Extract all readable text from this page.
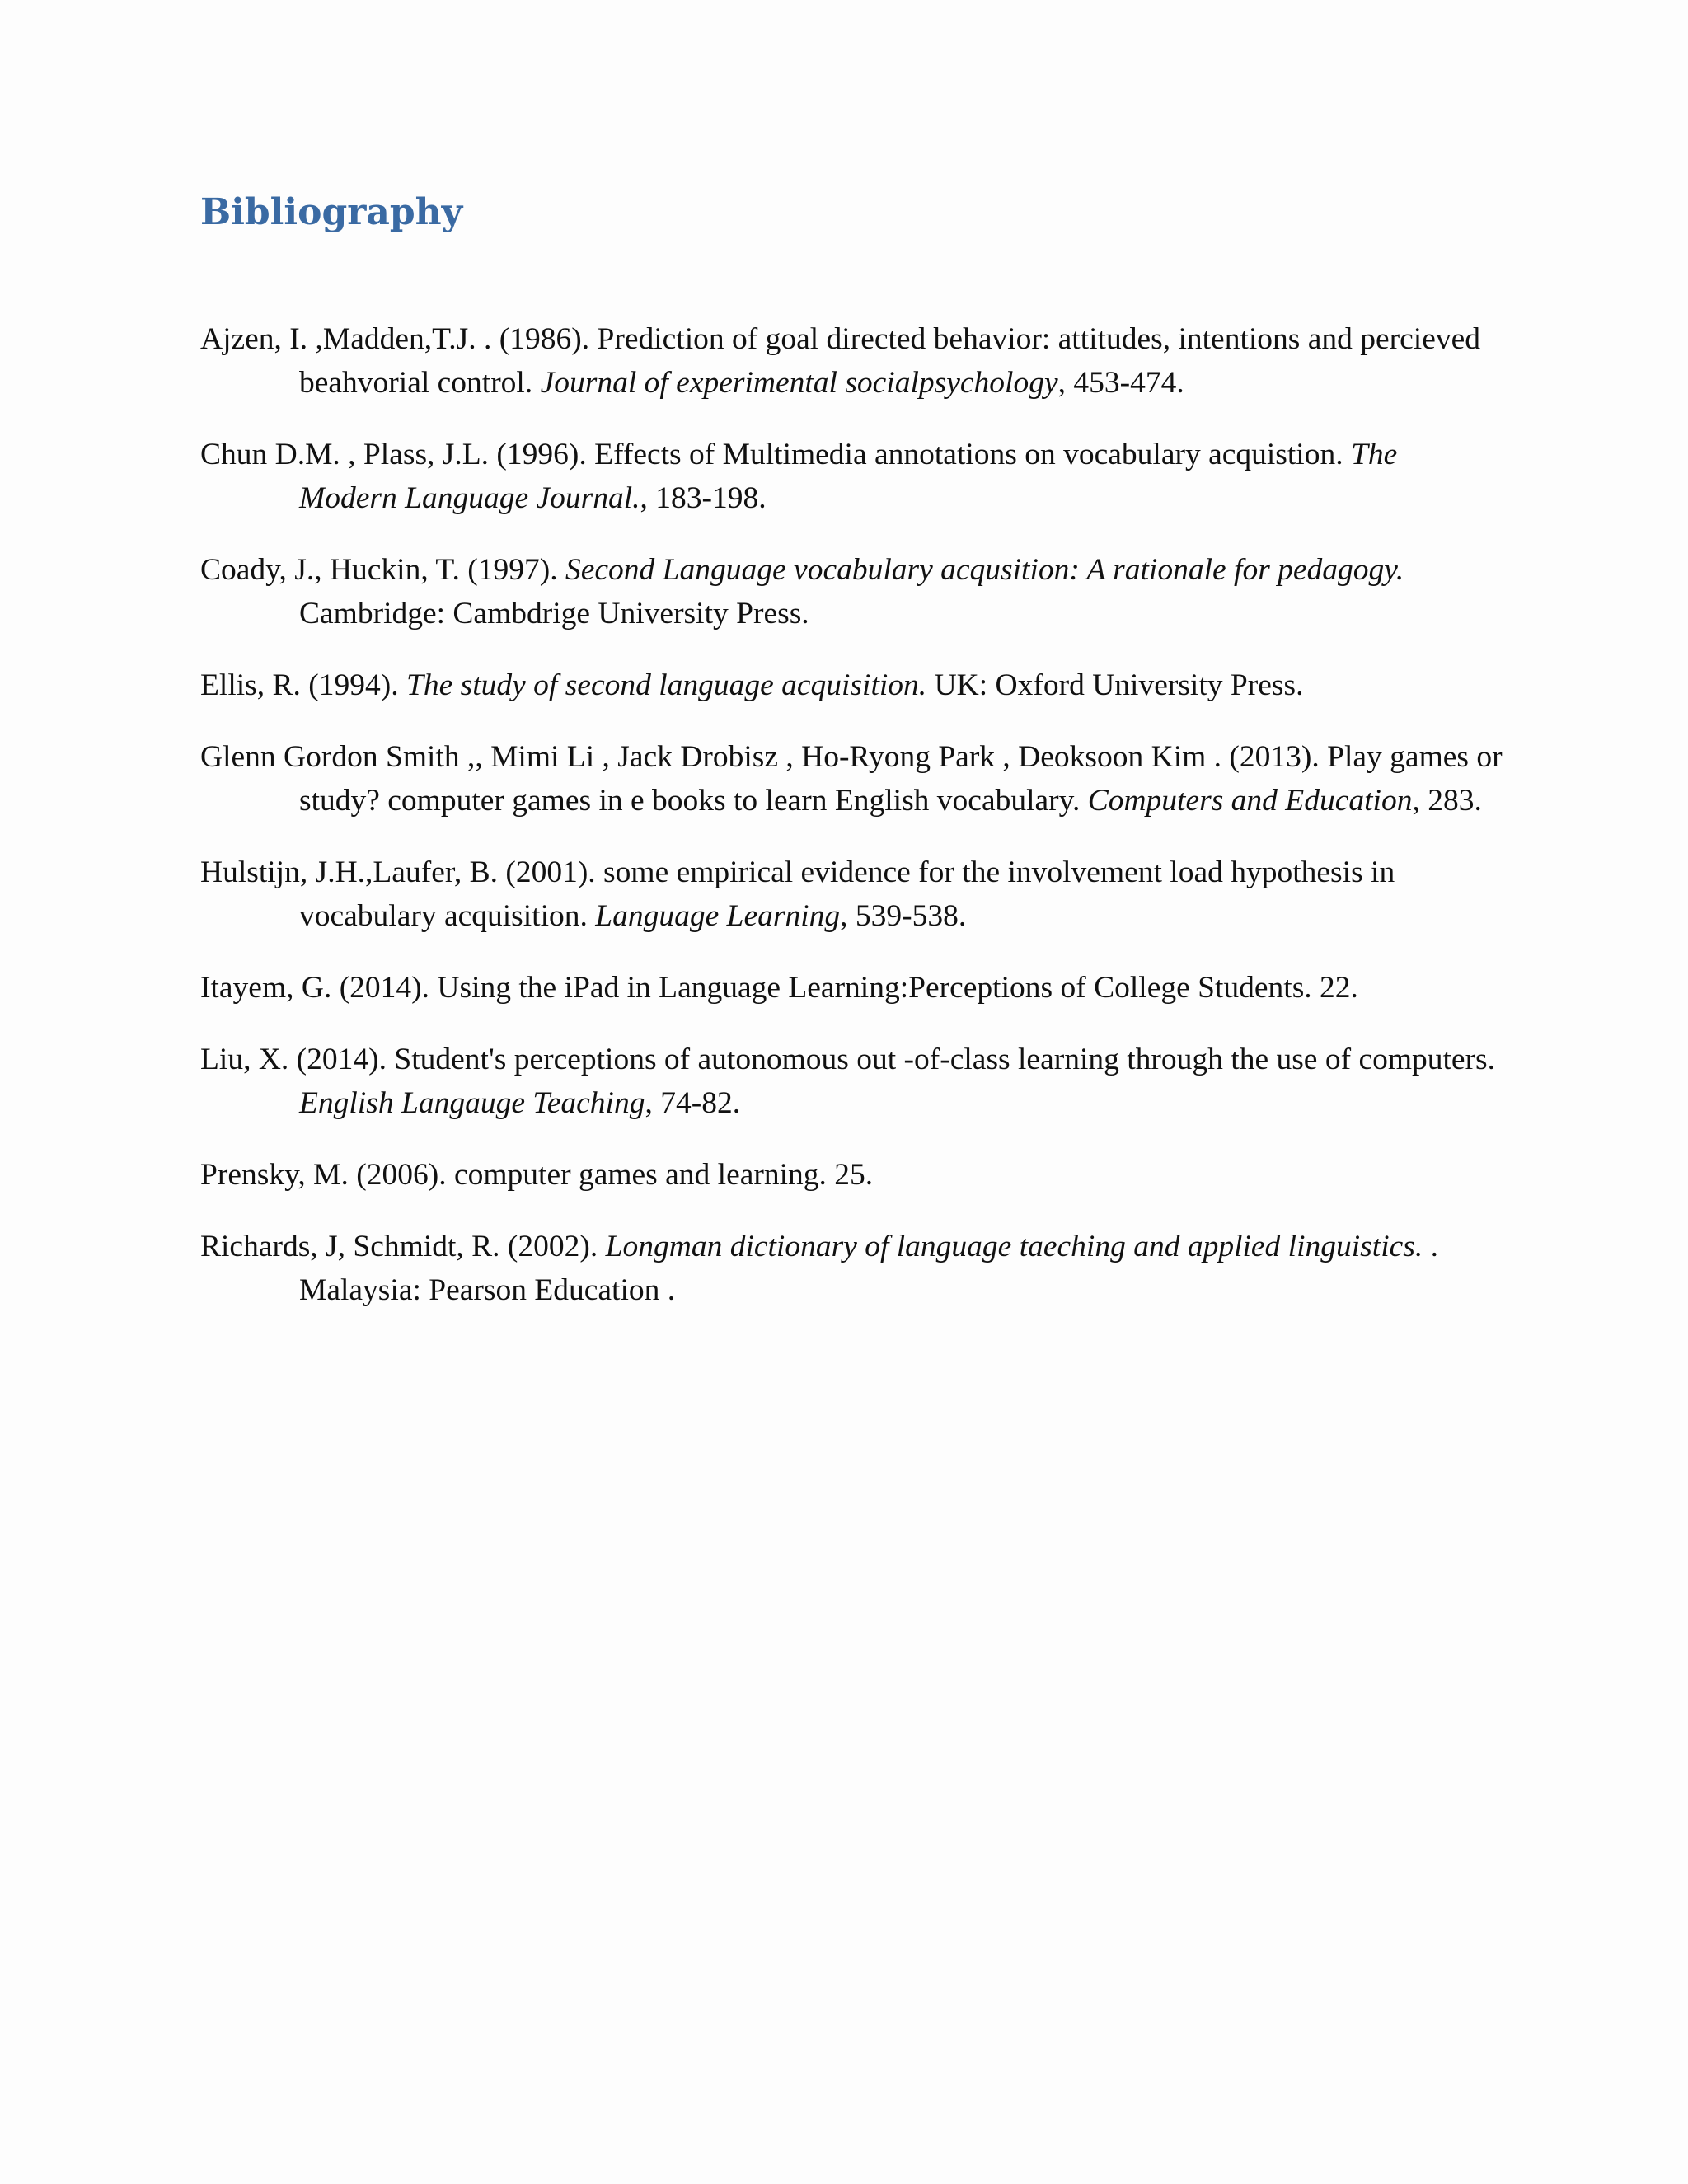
Bibliography
Ajzen, I. ,Madden,T.J. . (1986). Prediction of goal directed behavior: attitudes, intentions and percieved beahvorial control. Journal of experimental socialpsychology, 453-474.
Chun D.M. , Plass, J.L. (1996). Effects of Multimedia annotations on vocabulary acquistion. The Modern Language Journal., 183-198.
Coady, J., Huckin, T. (1997). Second Language vocabulary acqusition: A rationale for pedagogy. Cambridge: Cambdrige University Press.
Ellis, R. (1994). The study of second language acquisition. UK: Oxford University Press.
Glenn Gordon Smith ,, Mimi Li , Jack Drobisz , Ho-Ryong Park , Deoksoon Kim . (2013). Play games or study? computer games in e books to learn English vocabulary. Computers and Education, 283.
Hulstijn, J.H.,Laufer, B. (2001). some empirical evidence for the involvement load hypothesis in vocabulary acquisition. Language Learning, 539-538.
Itayem, G. (2014). Using the iPad in Language Learning:Perceptions of College Students. 22.
Liu, X. (2014). Student's perceptions of autonomous out -of-class learning through the use of computers. English Langauge Teaching, 74-82.
Prensky, M. (2006). computer games and learning. 25.
Richards, J, Schmidt, R. (2002). Longman dictionary of language taeching and applied linguistics. . Malaysia: Pearson Education .
